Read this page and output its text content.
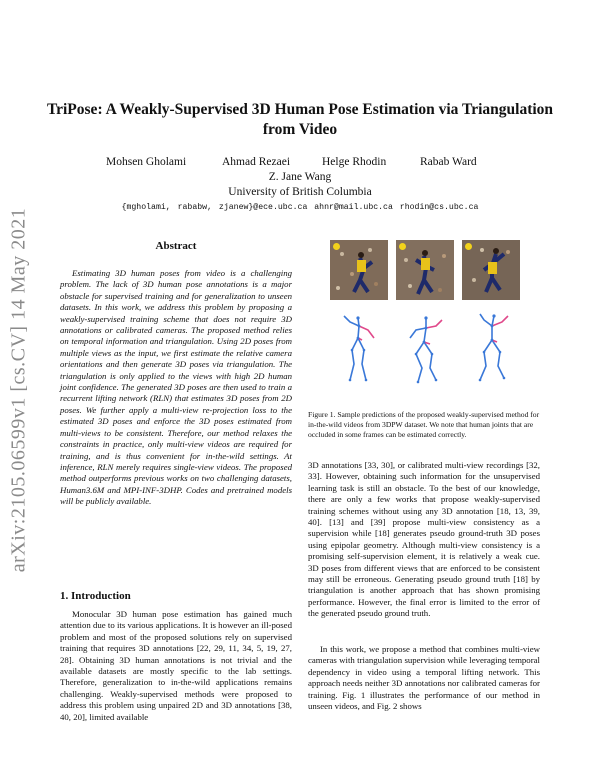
arXiv:2105.06599v1 [cs.CV] 14 May 2021
TriPose: A Weakly-Supervised 3D Human Pose Estimation via Triangulation from Video
Mohsen Gholami	Ahmad Rezaei	Helge Rhodin	Rabab Ward
Z. Jane Wang
University of British Columbia
{mgholami, rababw, zjanew}@ece.ubc.ca ahnr@mail.ubc.ca rhodin@cs.ubc.ca
Abstract
Estimating 3D human poses from video is a challenging problem. The lack of 3D human pose annotations is a major obstacle for supervised training and for generalization to unseen datasets. In this work, we address this problem by proposing a weakly-supervised training scheme that does not require 3D annotations or calibrated cameras. The proposed method relies on temporal information and triangulation. Using 2D poses from multiple views as the input, we first estimate the relative camera orientations and then generate 3D poses via triangulation. The triangulation is only applied to the views with high 2D human joint confidence. The generated 3D poses are then used to train a recurrent lifting network (RLN) that estimates 3D poses from 2D poses. We further apply a multi-view re-projection loss to the estimated 3D poses and enforce the 3D poses estimated from multi-views to be consistent. Therefore, our method relaxes the constraints in practice, only multi-view videos are required for training, and is thus convenient for in-the-wild settings. At inference, RLN merely requires single-view videos. The proposed method outperforms previous works on two challenging datasets, Human3.6M and MPI-INF-3DHP. Codes and pretrained models will be publicly available.
1. Introduction
Monocular 3D human pose estimation has gained much attention due to its various applications. It is however an ill-posed problem and most of the proposed solutions rely on supervised training that requires 3D annotations [22, 29, 11, 34, 5, 19, 27, 28]. Obtaining 3D human annotations is not trivial and the available datasets are mostly specific to the lab settings. Therefore, generalization to in-the-wild applications remains challenging. Weakly-supervised methods were proposed to address this problem using unpaired 2D and 3D annotations [38, 40, 20], limited available
Figure 1. Sample predictions of the proposed weakly-supervised method for in-the-wild videos from 3DPW dataset. We note that human joints that are occluded in some frames can be estimated correctly.
3D annotations [33, 30], or calibrated multi-view recordings [32, 33]. However, obtaining such information for the unsupervised learning task is still an obstacle. To the best of our knowledge, there are only a few works that propose weakly-supervised training schemes without using any 3D annotation [18, 13, 39, 40]. [13] and [39] propose multi-view consistency as a supervision while [18] generates pseudo ground-truth 3D poses using epipolar geometry. Although multi-view consistency is a promising self-supervision element, it is relatively a weak cue. 3D poses from different views that are enforced to be consistent may still be erroneous. Generating pseudo ground truth [18] by triangulation is another approach that has shown promising performance. However, the final error is limited to the error of the generated pseudo ground truth.
In this work, we propose a method that combines multi-view cameras with triangulation supervision while leveraging temporal dependency in video using a temporal lifting network. This approach needs neither 3D annotations nor calibrated cameras for training. Fig. 1 illustrates the performance of our method in unseen videos, and Fig. 2 shows
